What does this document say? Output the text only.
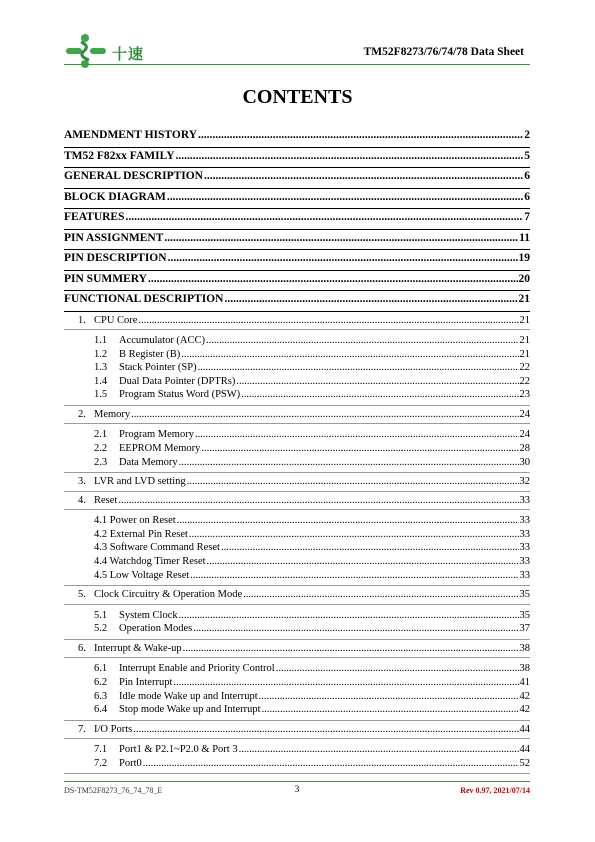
十速	TM52F8273/76/74/78 Data Sheet
CONTENTS
AMENDMENT HISTORY .....	2
TM52 F82xx FAMILY .....	5
GENERAL DESCRIPTION .....	6
BLOCK DIAGRAM .....	6
FEATURES .....	7
PIN ASSIGNMENT .....	11
PIN DESCRIPTION .....	19
PIN SUMMERY .....	20
FUNCTIONAL DESCRIPTION .....	21
1. CPU Core .....	21
1.1 Accumulator (ACC) .....	21
1.2 B Register (B) .....	21
1.3 Stack Pointer (SP) .....	22
1.4 Dual Data Pointer (DPTRs) .....	22
1.5 Program Status Word (PSW) .....	23
2. Memory .....	24
2.1 Program Memory .....	24
2.2 EEPROM Memory .....	28
2.3 Data Memory .....	30
3. LVR and LVD setting .....	32
4. Reset .....	33
4.1 Power on Reset .....	33
4.2 External Pin Reset .....	33
4.3 Software Command Reset .....	33
4.4 Watchdog Timer Reset .....	33
4.5 Low Voltage Reset .....	33
5. Clock Circuitry & Operation Mode .....	35
5.1 System Clock .....	35
5.2 Operation Modes .....	37
6. Interrupt & Wake-up .....	38
6.1 Interrupt Enable and Priority Control .....	38
6.2 Pin Interrupt .....	41
6.3 Idle mode Wake up and Interrupt .....	42
6.4 Stop mode Wake up and Interrupt .....	42
7. I/O Ports .....	44
7.1 Port1 & P2.1~P2.0 & Port 3 .....	44
7.2 Port0 .....	52
DS-TM52F8273_76_74_78_E	3	Rev 0.97, 2021/07/14
